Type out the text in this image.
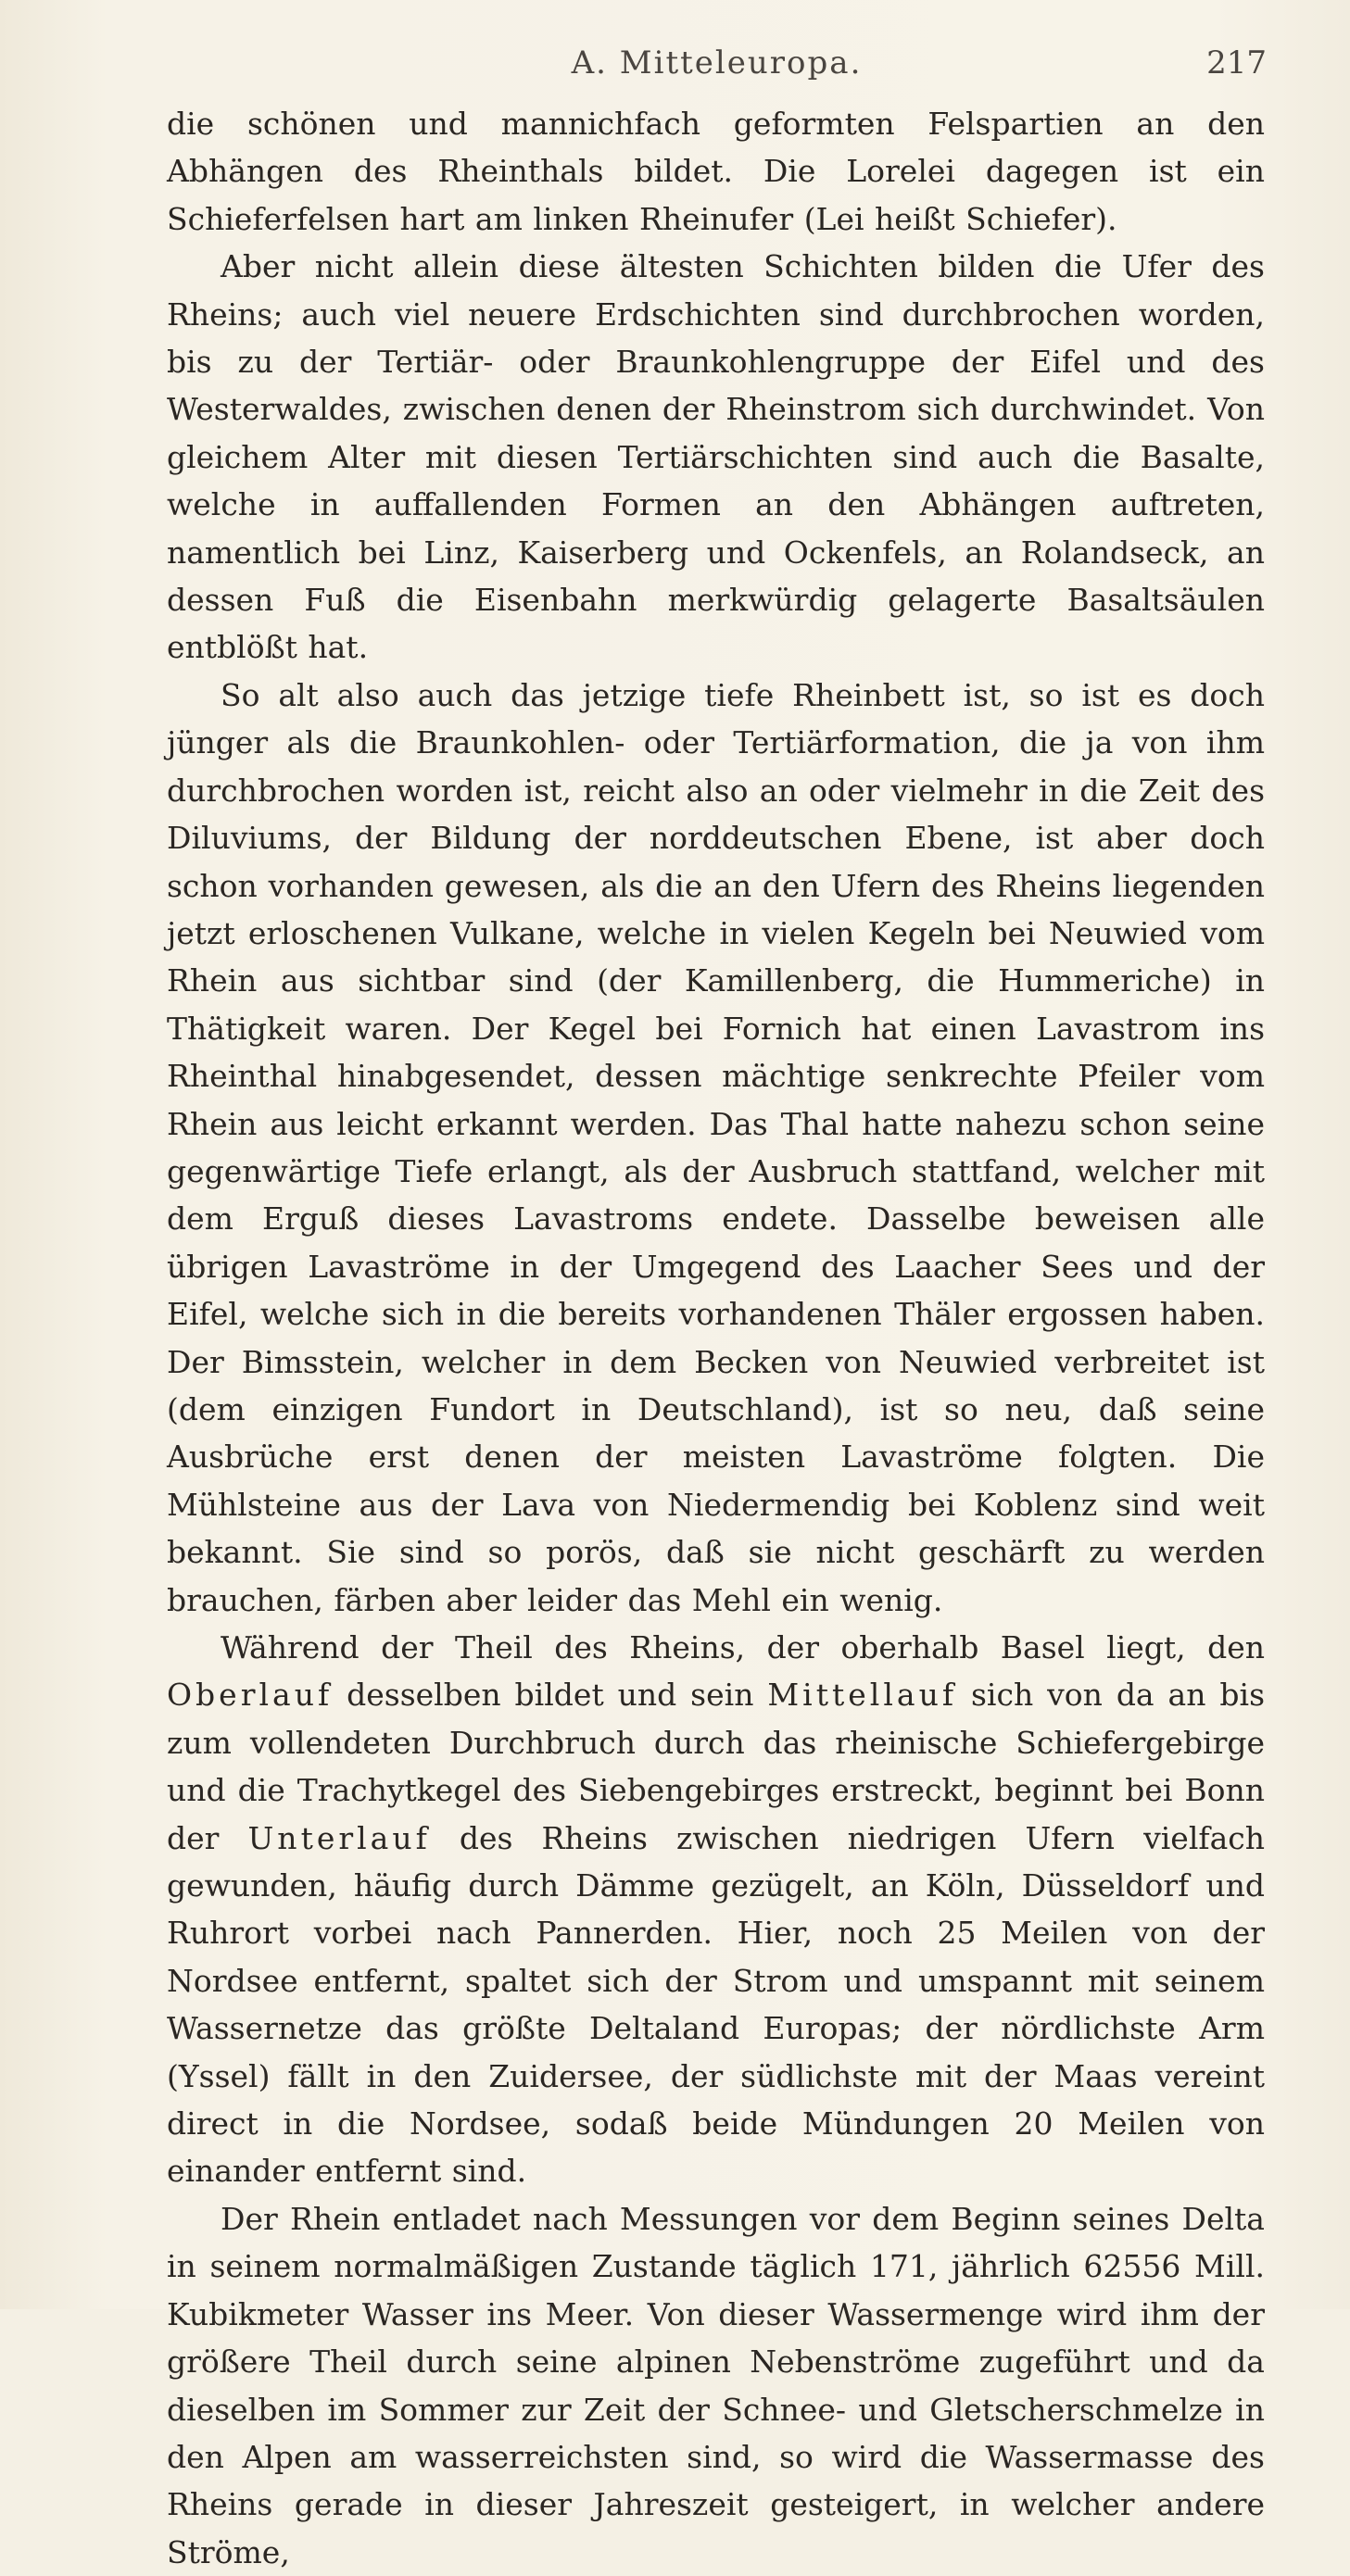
A. Mitteleuropa.	217

die schönen und mannichfach geformten Felspartien an den Abhängen des Rheinthals bildet. Die Lorelei dagegen ist ein Schieferfelsen hart am linken Rheinufer (Lei heißt Schiefer).

Aber nicht allein diese ältesten Schichten bilden die Ufer des Rheins; auch viel neuere Erdschichten sind durchbrochen worden, bis zu der Tertiär- oder Braunkohlengruppe der Eifel und des Westerwaldes, zwischen denen der Rheinstrom sich durchwindet. Von gleichem Alter mit diesen Tertiärschichten sind auch die Basalte, welche in auffallenden Formen an den Abhängen auftreten, namentlich bei Linz, Kaiserberg und Ockenfels, an Rolandseck, an dessen Fuß die Eisenbahn merkwürdig gelagerte Basaltsäulen entblößt hat.

So alt also auch das jetzige tiefe Rheinbett ist, so ist es doch jünger als die Braunkohlen- oder Tertiärformation, die ja von ihm durchbrochen worden ist, reicht also an oder vielmehr in die Zeit des Diluviums, der Bildung der norddeutschen Ebene, ist aber doch schon vorhanden gewesen, als die an den Ufern des Rheins liegenden jetzt erloschenen Vulkane, welche in vielen Kegeln bei Neuwied vom Rhein aus sichtbar sind (der Kamillenberg, die Hummeriche) in Thätigkeit waren. Der Kegel bei Fornich hat einen Lavastrom ins Rheinthal hinabgesendet, dessen mächtige senkrechte Pfeiler vom Rhein aus leicht erkannt werden. Das Thal hatte nahezu schon seine gegenwärtige Tiefe erlangt, als der Ausbruch stattfand, welcher mit dem Erguß dieses Lavastroms endete. Dasselbe beweisen alle übrigen Lavaströme in der Umgegend des Laacher Sees und der Eifel, welche sich in die bereits vorhandenen Thäler ergossen haben. Der Bimsstein, welcher in dem Becken von Neuwied verbreitet ist (dem einzigen Fundort in Deutschland), ist so neu, daß seine Ausbrüche erst denen der meisten Lavaströme folgten. Die Mühlsteine aus der Lava von Niedermendig bei Koblenz sind weit bekannt. Sie sind so porös, daß sie nicht geschärft zu werden brauchen, färben aber leider das Mehl ein wenig.

Während der Theil des Rheins, der oberhalb Basel liegt, den Oberlauf desselben bildet und sein Mittellauf sich von da an bis zum vollendeten Durchbruch durch das rheinische Schiefergebirge und die Trachytkegel des Siebengebirges erstreckt, beginnt bei Bonn der Unterlauf des Rheins zwischen niedrigen Ufern vielfach gewunden, häufig durch Dämme gezügelt, an Köln, Düsseldorf und Ruhrort vorbei nach Pannerden. Hier, noch 25 Meilen von der Nordsee entfernt, spaltet sich der Strom und umspannt mit seinem Wassernetze das größte Deltaland Europas; der nördlichste Arm (Yssel) fällt in den Zuidersee, der südlichste mit der Maas vereint direct in die Nordsee, sodaß beide Mündungen 20 Meilen von einander entfernt sind.

Der Rhein entladet nach Messungen vor dem Beginn seines Delta in seinem normalmäßigen Zustande täglich 171, jährlich 62556 Mill. Kubikmeter Wasser ins Meer. Von dieser Wassermenge wird ihm der größere Theil durch seine alpinen Nebenströme zugeführt und da dieselben im Sommer zur Zeit der Schnee- und Gletscherschmelze in den Alpen am wasserreichsten sind, so wird die Wassermasse des Rheins gerade in dieser Jahreszeit gesteigert, in welcher andere Ströme,
